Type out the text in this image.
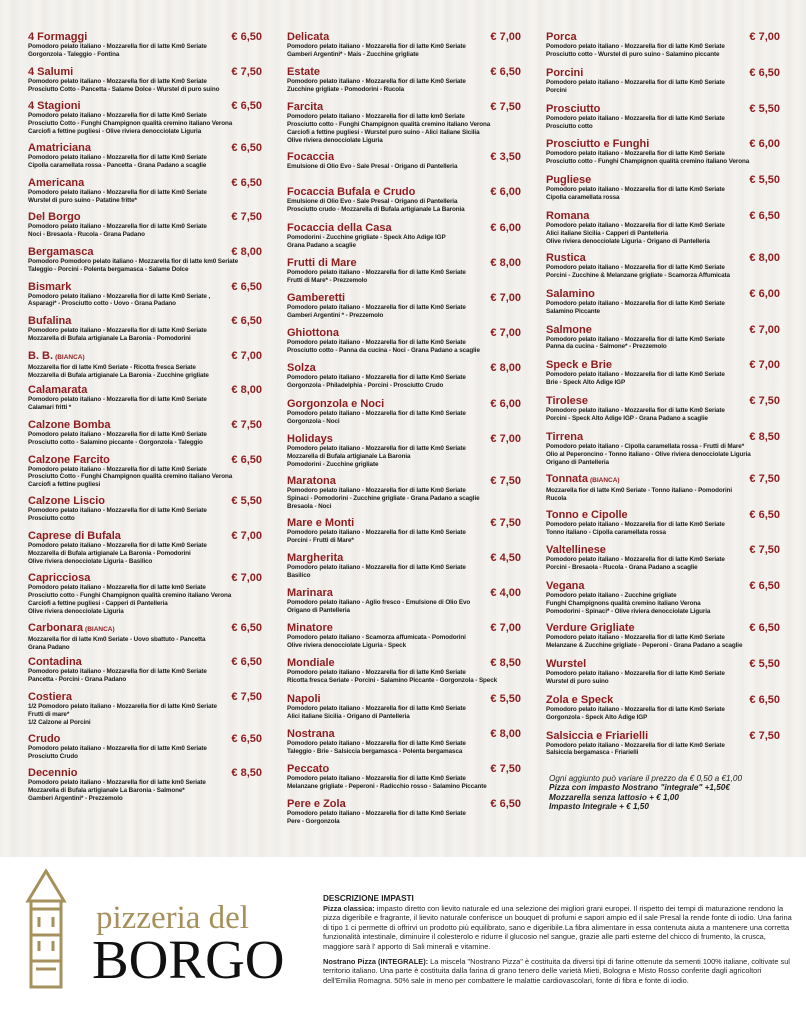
4 Formaggi	€ 6,50
Pomodoro pelato italiano - Mozzarella fior di latte Km0 Seriate
Gorgonzola - Taleggio - Fontina
4 Salumi	€ 7,50
Pomodoro pelato italiano - Mozzarella fior di latte Km0 Seriate
Prosciutto Cotto - Pancetta - Salame Dolce - Wurstel di puro suino
4 Stagioni	€ 6,50
Pomodoro pelato italiano - Mozzarella fior di latte Km0 Seriate
Prosciutto Cotto - Funghi Champignon qualità cremino italiano Verona
Carciofi a fettine pugliesi - Olive riviera denocciolate Liguria
Amatriciana	€ 6,50
Pomodoro pelato italiano - Mozzarella fior di latte Km0 Seriate
Cipolla caramellata rossa - Pancetta - Grana Padano a scaglie
Americana	€ 6,50
Pomodoro pelato italiano - Mozzarella fior di latte Km0 Seriate
Wurstel di puro suino - Patatine fritte*
Del Borgo	€ 7,50
Pomodoro pelato italiano - Mozzarella fior di latte Km0 Seriate
Noci - Bresaola - Rucola - Grana Padano
Bergamasca	€ 8,00
Pomodoro Pomodoro pelato italiano - Mozzarella fior di latte km0 Seriate
Taleggio - Porcini - Polenta bergamasca - Salame Dolce
Bismark	€ 6,50
Pomodoro pelato italiano - Mozzarella fior di latte Km0 Seriate ,
Asparagi* - Prosciutto cotto - Uovo - Grana Padano
Bufalina	€ 6,50
Pomodoro pelato italiano - Mozzarella fior di latte Km0 Seriate
Mozzarella di Bufala artigianale La Baronia - Pomodorini
B. B. (BIANCA)	€ 7,00
Mozzarella fior di latte Km0 Seriate - Ricotta fresca Seriate
Mozzarella di Bufala artigianale La Baronia - Zucchine grigliate
Calamarata	€ 8,00
Pomodoro pelato italiano - Mozzarella fior di latte Km0 Seriate
Calamari fritti *
Calzone Bomba	€ 7,50
Pomodoro pelato italiano - Mozzarella fior di latte Km0 Seriate
Prosciutto cotto - Salamino piccante - Gorgonzola - Taleggio
Calzone Farcito	€ 6,50
Pomodoro pelato italiano - Mozzarella fior di latte Km0 Seriate
Prosciutto Cotto - Funghi Champignon qualità cremino italiano Verona
Carciofi a fettine pugliesi
Calzone Liscio	€ 5,50
Pomodoro pelato italiano - Mozzarella fior di latte Km0 Seriate
Prosciutto cotto
Caprese di Bufala	€ 7,00
Pomodoro pelato italiano - Mozzarella fior di latte Km0 Seriate
Mozzarella di Bufala artigianale La Baronia - Pomodorini
Olive riviera denocciolate Liguria - Basilico
Capricciosa	€ 7,00
Pomodoro pelato italiano - Mozzarella fior di latte km0 Seriate
Prosciutto cotto - Funghi Champignon qualità cremino italiano Verona
Carciofi a fettine pugliesi - Capperi di Pantelleria
Olive riviera denocciolate Liguria
Carbonara (BIANCA)	€ 6,50
Mozzarella fior di latte Km0 Seriate - Uovo sbattuto - Pancetta
Grana Padano
Contadina	€ 6,50
Pomodoro pelato italiano - Mozzarella fior di latte Km0 Seriate
Pancetta - Porcini - Grana Padano
Costiera	€ 7,50
1/2 Pomodoro pelato italiano - Mozzarella fior di latte Km0 Seriate
Frutti di mare*
1/2 Calzone al Porcini
Crudo	€ 6,50
Pomodoro pelato italiano - Mozzarella fior di latte Km0 Seriate
Prosciutto Crudo
Decennio	€ 8,50
Pomodoro pelato italiano - Mozzarella fior di latte km0 Seriate
Mozzarella di Bufala artigianale La Baronia - Salmone*
Gamberi Argentini* - Prezzemolo
Delicata	€ 7,00
Pomodoro pelato italiano - Mozzarella fior di latte Km0 Seriate
Gamberi Argentini* - Mais - Zucchine grigliate
Estate	€ 6,50
Pomodoro pelato italiano - Mozzarella fior di latte Km0 Seriate
Zucchine grigliate - Pomodorini - Rucola
Farcita	€ 7,50
Pomodoro pelato italiano - Mozzarella fior di latte km0 Seriate
Prosciutto cotto - Funghi Champignon qualità cremino italiano Verona
Carciofi a fettine pugliesi - Wurstel puro suino - Alici italiane Sicilia
Olive riviera denocciolate Liguria
Focaccia	€ 3,50
Emulsione di Olio Evo - Sale Presal - Origano di Pantelleria
Focaccia Bufala e Crudo	€ 6,00
Emulsione di Olio Evo - Sale Presal - Origano di Pantelleria
Prosciutto crudo - Mozzarella di Bufala artigianale La Baronia
Focaccia della Casa	€ 6,00
Pomodorini - Zucchine grigliate - Speck Alto Adige IGP
Grana Padano a scaglie
Frutti di Mare	€ 8,00
Pomodoro pelato italiano - Mozzarella fior di latte Km0 Seriate
Frutti di Mare* - Prezzemolo
Gamberetti	€ 7,00
Pomodoro pelato italiano - Mozzarella fior di latte Km0 Seriate
Gamberi Argentini * - Prezzemolo
Ghiottona	€ 7,00
Pomodoro pelato italiano - Mozzarella fior di latte Km0 Seriate
Prosciutto cotto - Panna da cucina - Noci - Grana Padano a scaglie
Solza	€ 8,00
Pomodoro pelato italiano - Mozzarella fior di latte Km0 Seriate
Gorgonzola - Philadelphia - Porcini - Prosciutto Crudo
Gorgonzola e Noci	€ 6,00
Pomodoro pelato italiano - Mozzarella fior di latte Km0 Seriate
Gorgonzola - Noci
Holidays	€ 7,00
Pomodoro pelato italiano - Mozzarella fior di latte Km0 Seriate
Mozzarella di Bufala artigianale La Baronia
Pomodorini - Zucchine grigliate
Maratona	€ 7,50
Pomodoro pelato italiano - Mozzarella fior di latte Km0 Seriate
Spinaci - Pomodorini - Zucchine grigliate - Grana Padano a scaglie
Bresaola - Noci
Mare e Monti	€ 7,50
Pomodoro pelato italiano - Mozzarella fior di latte Km0 Seriate
Porcini - Frutti di Mare*
Margherita	€ 4,50
Pomodoro pelato italiano - Mozzarella fior di latte Km0 Seriate
Basilico
Marinara	€ 4,00
Pomodoro pelato italiano - Aglio fresco - Emulsione di Olio Evo
Origano di Pantelleria
Minatore	€ 7,00
Pomodoro pelato italiano - Scamorza affumicata - Pomodorini
Olive riviera denocciolate Liguria - Speck
Mondiale	€ 8,50
Pomodoro pelato italiano - Mozzarella fior di latte Km0 Seriate
Ricotta fresca Seriate - Porcini - Salamino Piccante - Gorgonzola - Speck
Napoli	€ 5,50
Pomodoro pelato italiano - Mozzarella fior di latte Km0 Seriate
Alici italiane Sicilia - Origano di Pantelleria
Nostrana	€ 8,00
Pomodoro pelato italiano - Mozzarella fior di latte Km0 Seriate
Taleggio - Brie - Salsiccia bergamasca - Polenta bergamasca
Peccato	€ 7,50
Pomodoro pelato italiano - Mozzarella fior di latte Km0 Seriate
Melanzane grigliate - Peperoni - Radicchio rosso - Salamino Piccante
Pere e Zola	€ 6,50
Pomodoro pelato italiano - Mozzarella fior di latte Km0 Seriate
Pere - Gorgonzola
Porca	€ 7,00
Pomodoro pelato italiano - Mozzarella fior di latte Km0 Seriate
Prosciutto cotto - Wurstel di puro suino - Salamino piccante
Porcini	€ 6,50
Pomodoro pelato italiano - Mozzarella fior di latte Km0 Seriate
Porcini
Prosciutto	€ 5,50
Pomodoro pelato italiano - Mozzarella fior di latte Km0 Seriate
Prosciutto cotto
Prosciutto e Funghi	€ 6,00
Pomodoro pelato italiano - Mozzarella fior di latte Km0 Seriate
Prosciutto cotto - Funghi Champignon qualità cremino italiano Verona
Pugliese	€ 5,50
Pomodoro pelato italiano - Mozzarella fior di latte Km0 Seriate
Cipolla caramellata rossa
Romana	€ 6,50
Pomodoro pelato italiano - Mozzarella fior di latte Km0 Seriate
Alici italiane Sicilia - Capperi di Pantelleria
Olive riviera denocciolate Liguria - Origano di Pantelleria
Rustica	€ 8,00
Pomodoro pelato italiano - Mozzarella fior di latte Km0 Seriate
Porcini - Zucchine & Melanzane grigliate - Scamorza Affumicata
Salamino	€ 6,00
Pomodoro pelato italiano - Mozzarella fior di latte Km0 Seriate
Salamino Piccante
Salmone	€ 7,00
Pomodoro pelato italiano - Mozzarella fior di latte Km0 Seriate
Panna da cucina - Salmone* - Prezzemolo
Speck e Brie	€ 7,00
Pomodoro pelato italiano - Mozzarella fior di latte Km0 Seriate
Brie - Speck Alto Adige IGP
Tirolese	€ 7,50
Pomodoro pelato italiano - Mozzarella fior di latte Km0 Seriate
Porcini - Speck Alto Adige IGP - Grana Padano a scaglie
Tirrena	€ 8,50
Pomodoro pelato italiano - Cipolla caramellata rossa - Frutti di Mare*
Olio al Peperoncino - Tonno italiano - Olive riviera denocciolate Liguria
Origano di Pantelleria
Tonnata (BIANCA)	€ 7,50
Mozzarella fior di latte Km0 Seriate - Tonno italiano - Pomodorini
Rucola
Tonno e Cipolle	€ 6,50
Pomodoro pelato italiano - Mozzarella fior di latte Km0 Seriate
Tonno italiano - Cipolla caramellata rossa
Valtellinese	€ 7,50
Pomodoro pelato italiano - Mozzarella fior di latte Km0 Seriate
Porcini - Bresaola - Rucola - Grana Padano a scaglie
Vegana	€ 6,50
Pomodoro pelato italiano - Zucchine grigliate
Funghi Champignons qualità cremino italiano Verona
Pomodorini - Spinaci* - Olive riviera denocciolate Liguria
Verdure Grigliate	€ 6,50
Pomodoro pelato italiano - Mozzarella fior di latte Km0 Seriate
Melanzane & Zucchine grigliate - Peperoni - Grana Padano a scaglie
Wurstel	€ 5,50
Pomodoro pelato italiano - Mozzarella fior di latte Km0 Seriate
Wurstel di puro suino
Zola e Speck	€ 6,50
Pomodoro pelato italiano - Mozzarella fior di latte Km0 Seriate
Gorgonzola - Speck Alto Adige IGP
Salsiccia e Friarielli	€ 7,50
Pomodoro pelato italiano - Mozzarella fior di latte Km0 Seriate
Salsiccia bergamasca - Friarielli
Ogni aggiunto può variare il prezzo da € 0,50 a €1,00
Pizza con impasto Nostrano "integrale" +1,50€
Mozzarella senza lattosio + € 1,00
Impasto Integrale + € 1,50
pizzeria del
BORGO
DESCRIZIONE IMPASTI
Pizza classica: impasto diretto con lievito naturale ed una selezione dei migliori grani europei. Il rispetto dei tempi di maturazione rendono la pizza digeribile e fragrante, il lievito naturale conferisce un bouquet di profumi e sapori ampio ed il sale Presal la rende fonte di iodio. Una farina di tipo 1 ci permette di offrirvi un prodotto più equilibrato, sano e digeribile.La fibra alimentare in essa contenuta aiuta a mantenere una corretta funzionalità intestinale, diminuire il colesterolo e ridurre il glucosio nel sangue, grazie alle parti esterne del chicco di frumento, la crusca, maggiore sarà l' apporto di Sali minerali e vitamine.
Nostrano Pizza (INTEGRALE): La miscela "Nostrano Pizza" è costituita da diversi tipi di farine ottenute da sementi 100% italiane, coltivate sul territorio italiano. Una parte è costituita dalla farina di grano tenero delle varietà Mieti, Bologna e Misto Rosso conferite dagli agricoltori dell'Emilia Romagna. 50% sale in meno per combattere le malattie cardiovascolari, fonte di fibra e fonte di iodio.
